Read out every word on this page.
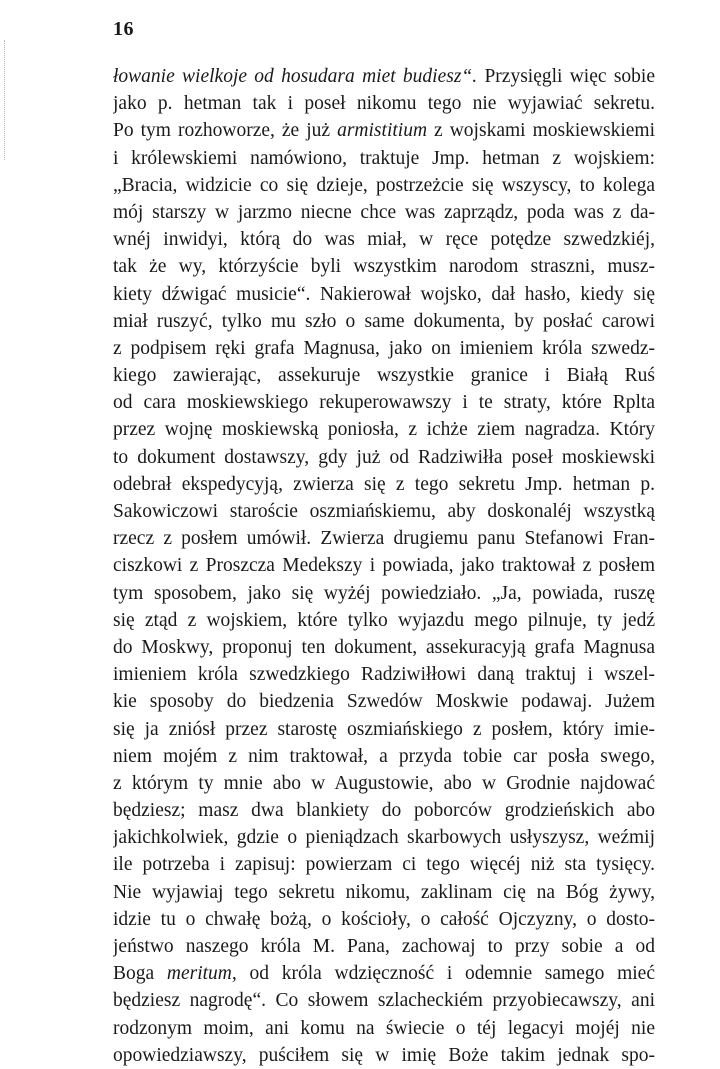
16
łowanie wielkoje od hosudara miet budiesz“. Przysięgli więc sobie
jako p. hetman tak i poseł nikomu tego nie wyjawiać sekretu.
Po tym rozhoworze, że już armistitium z wojskami moskiewskiemi
i królewskiemi namówiono, traktuje Jmp. hetman z wojskiem:
„Bracia, widzicie co się dzieje, postrzeżcie się wszyscy, to kolega
mój starszy w jarzmo niecne chce was zaprządz, poda was z da-
wnéj inwidyi, którą do was miał, w ręce potędze szwedzkiéj,
tak że wy, którzyście byli wszystkim narodom straszni, musz-
kiety dźwigać musicie“. Nakierował wojsko, dał hasło, kiedy się
miał ruszyć, tylko mu szło o same dokumenta, by posłać carowi
z podpisem ręki grafa Magnusa, jako on imieniem króla szwedz-
kiego zawierając, assekuruje wszystkie granice i Białą Ruś
od cara moskiewskiego rekuperowawszy i te straty, które Rplta
przez wojnę moskiewską poniosła, z ichże ziem nagradza. Który
to dokument dostawszy, gdy już od Radziwiłła poseł moskiewski
odebrał ekspedycyją, zwierza się z tego sekretu Jmp. hetman p.
Sakowiczowi staroście oszmiańskiemu, aby doskonaléj wszystką
rzecz z posłem umówił. Zwierza drugiemu panu Stefanowi Fran-
ciszkowi z Proszcza Medekszy i powiada, jako traktował z posłem
tym sposobem, jako się wyżéj powiedziało. „Ja, powiada, ruszę
się ztąd z wojskiem, które tylko wyjazdu mego pilnuje, ty jedź
do Moskwy, proponuj ten dokument, assekuracyją grafa Magnusa
imieniem króla szwedzkiego Radziwiłłowi daną traktuj i wszel-
kie sposoby do biedzenia Szwedów Moskwie podawaj. Jużem
się ja zniósł przez starostę oszmiańskiego z posłem, który imie-
niem mojém z nim traktował, a przyda tobie car posła swego,
z którym ty mnie abo w Augustowie, abo w Grodnie najdować
będziesz; masz dwa blankiety do poborców grodzieńskich abo
jakichkolwiek, gdzie o pieniądzach skarbowych usłyszysz, weźmij
ile potrzeba i zapisuj: powierzam ci tego więcéj niż sta tysięcy.
Nie wyjawiaj tego sekretu nikomu, zaklinam cię na Bóg żywy,
idzie tu o chwałę bożą, o kościoły, o całość Ojczyzny, o dosto-
jeństwo naszego króla M. Pana, zachowaj to przy sobie a od
Boga meritum, od króla wdzięczność i odemnie samego mieć
będziesz nagrodę“. Co słowem szlacheckiém przyobiecawszy, ani
rodzonym moim, ani komu na świecie o téj legacyi mojéj nie
opowiedziawszy, puściłem się w imię Boże takim jednak spo-
